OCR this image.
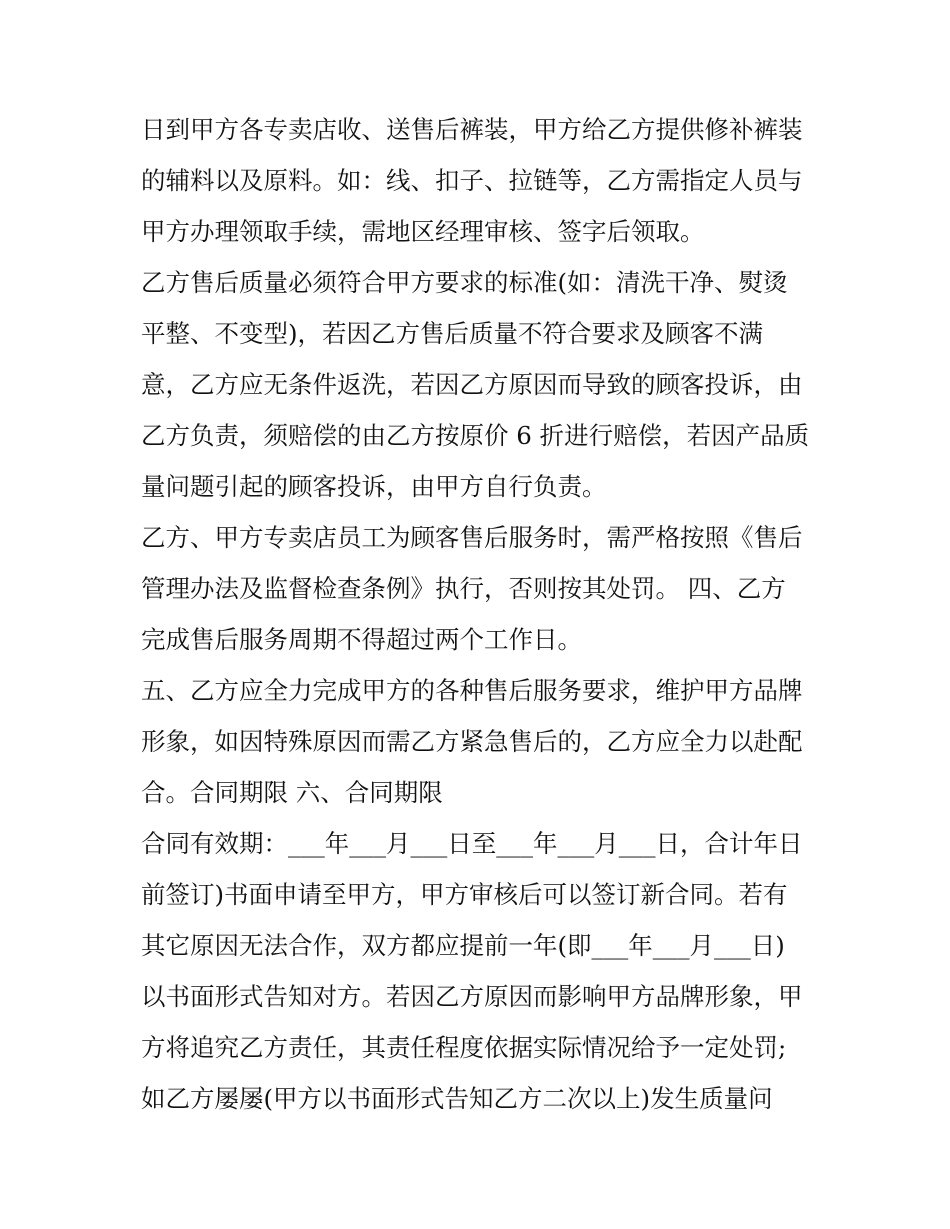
日到甲方各专卖店收、送售后裤装，甲方给乙方提供修补裤装
的辅料以及原料。如：线、扣子、拉链等，乙方需指定人员与
甲方办理领取手续，需地区经理审核、签字后领取。
乙方售后质量必须符合甲方要求的标准(如：清洗干净、熨烫
平整、不变型)，若因乙方售后质量不符合要求及顾客不满
意，乙方应无条件返洗，若因乙方原因而导致的顾客投诉，由
乙方负责，须赔偿的由乙方按原价 6 折进行赔偿，若因产品质
量问题引起的顾客投诉，由甲方自行负责。
乙方、甲方专卖店员工为顾客售后服务时，需严格按照《售后
管理办法及监督检查条例》执行，否则按其处罚。 四、乙方
完成售后服务周期不得超过两个工作日。
五、乙方应全力完成甲方的各种售后服务要求，维护甲方品牌
形象，如因特殊原因而需乙方紧急售后的，乙方应全力以赴配
合。合同期限 六、合同期限
合同有效期：___年___月___日至___年___月___日，合计年日
前签订)书面申请至甲方，甲方审核后可以签订新合同。若有
其它原因无法合作，双方都应提前一年(即___年___月___日)
以书面形式告知对方。若因乙方原因而影响甲方品牌形象，甲
方将追究乙方责任，其责任程度依据实际情况给予一定处罚;
如乙方屡屡(甲方以书面形式告知乙方二次以上)发生质量问
